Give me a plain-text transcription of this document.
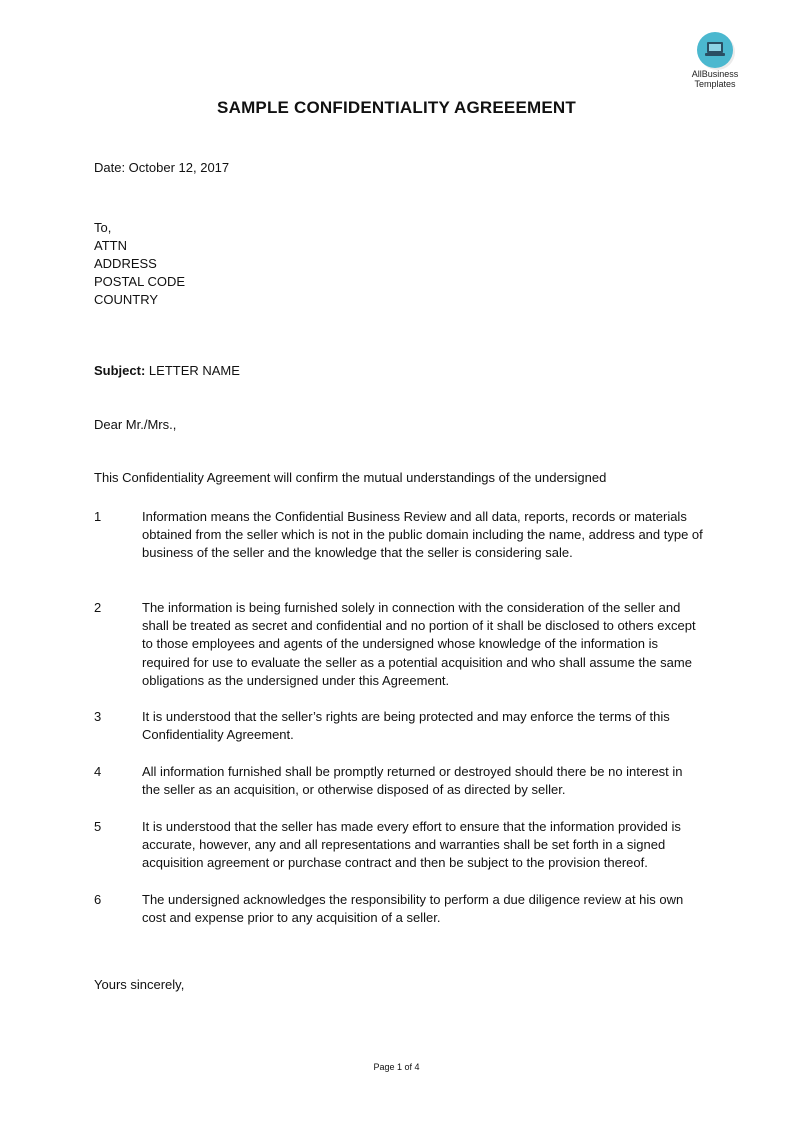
AllBusiness
Templates
SAMPLE CONFIDENTIALITY AGREEEMENT
Date: October 12, 2017
To,
ATTN
ADDRESS
POSTAL CODE
COUNTRY
Subject: LETTER NAME
Dear Mr./Mrs.,
This Confidentiality Agreement will confirm the mutual understandings of the undersigned
1	Information means the Confidential Business Review and all data, reports, records or materials obtained from the seller which is not in the public domain including the name, address and type of business of the seller and the knowledge that the seller is considering sale.
2	The information is being furnished solely in connection with the consideration of the seller and shall be treated as secret and confidential and no portion of it shall be disclosed to others except to those employees and agents of the undersigned whose knowledge of the information is required for use to evaluate the seller as a potential acquisition and who shall assume the same obligations as the undersigned under this Agreement.
3	It is understood that the seller’s rights are being protected and may enforce the terms of this Confidentiality Agreement.
4	All information furnished shall be promptly returned or destroyed should there be no interest in the seller as an acquisition, or otherwise disposed of as directed by seller.
5	It is understood that the seller has made every effort to ensure that the information provided is accurate, however, any and all representations and warranties shall be set forth in a signed acquisition agreement or purchase contract and then be subject to the provision thereof.
6	The undersigned acknowledges the responsibility to perform a due diligence review at his own cost and expense prior to any acquisition of a seller.
Yours sincerely,
Page 1 of 4
